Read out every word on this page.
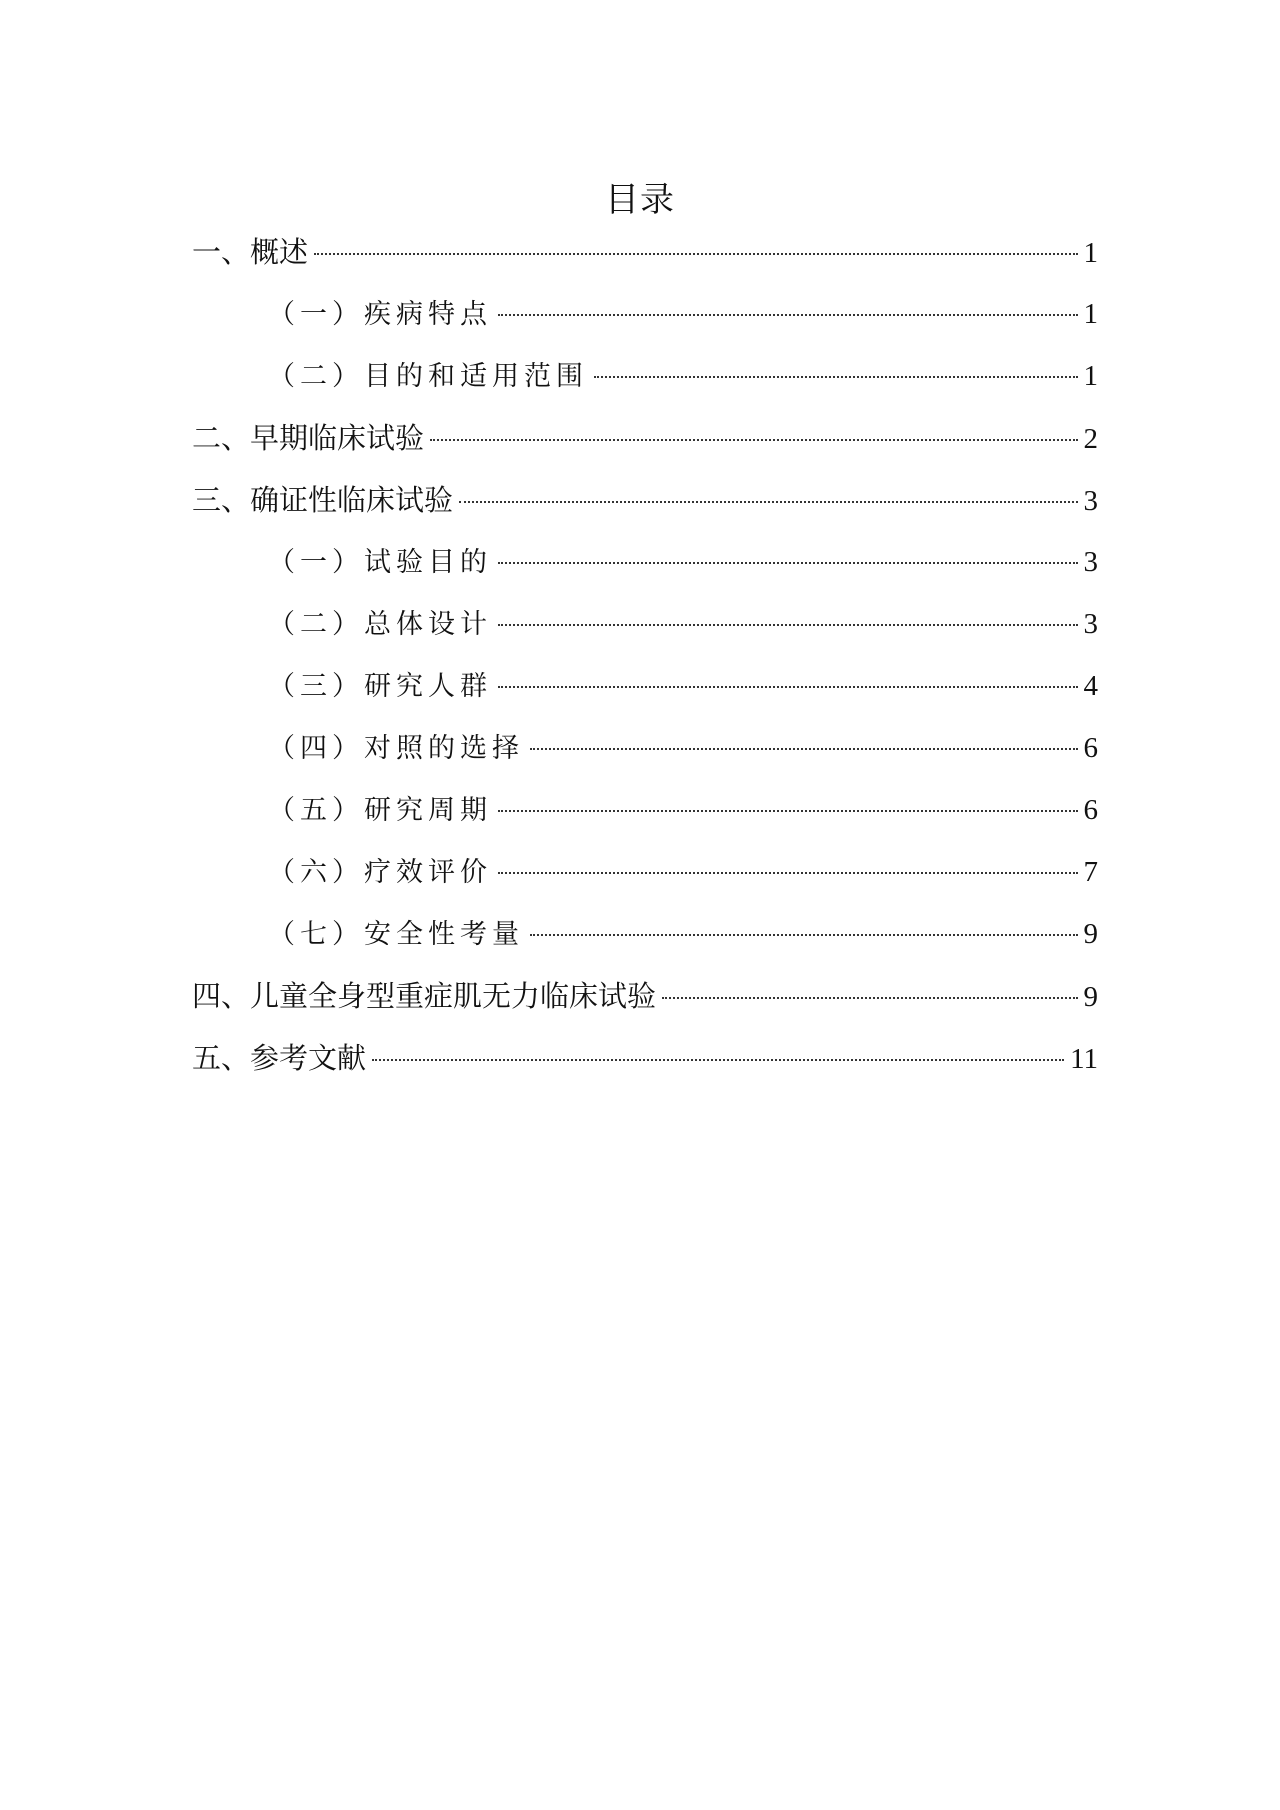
目录
一、概述	1
（一）疾病特点	1
（二）目的和适用范围	1
二、早期临床试验	2
三、确证性临床试验	3
（一）试验目的	3
（二）总体设计	3
（三）研究人群	4
（四）对照的选择	6
（五）研究周期	6
（六）疗效评价	7
（七）安全性考量	9
四、儿童全身型重症肌无力临床试验	9
五、参考文献	11
